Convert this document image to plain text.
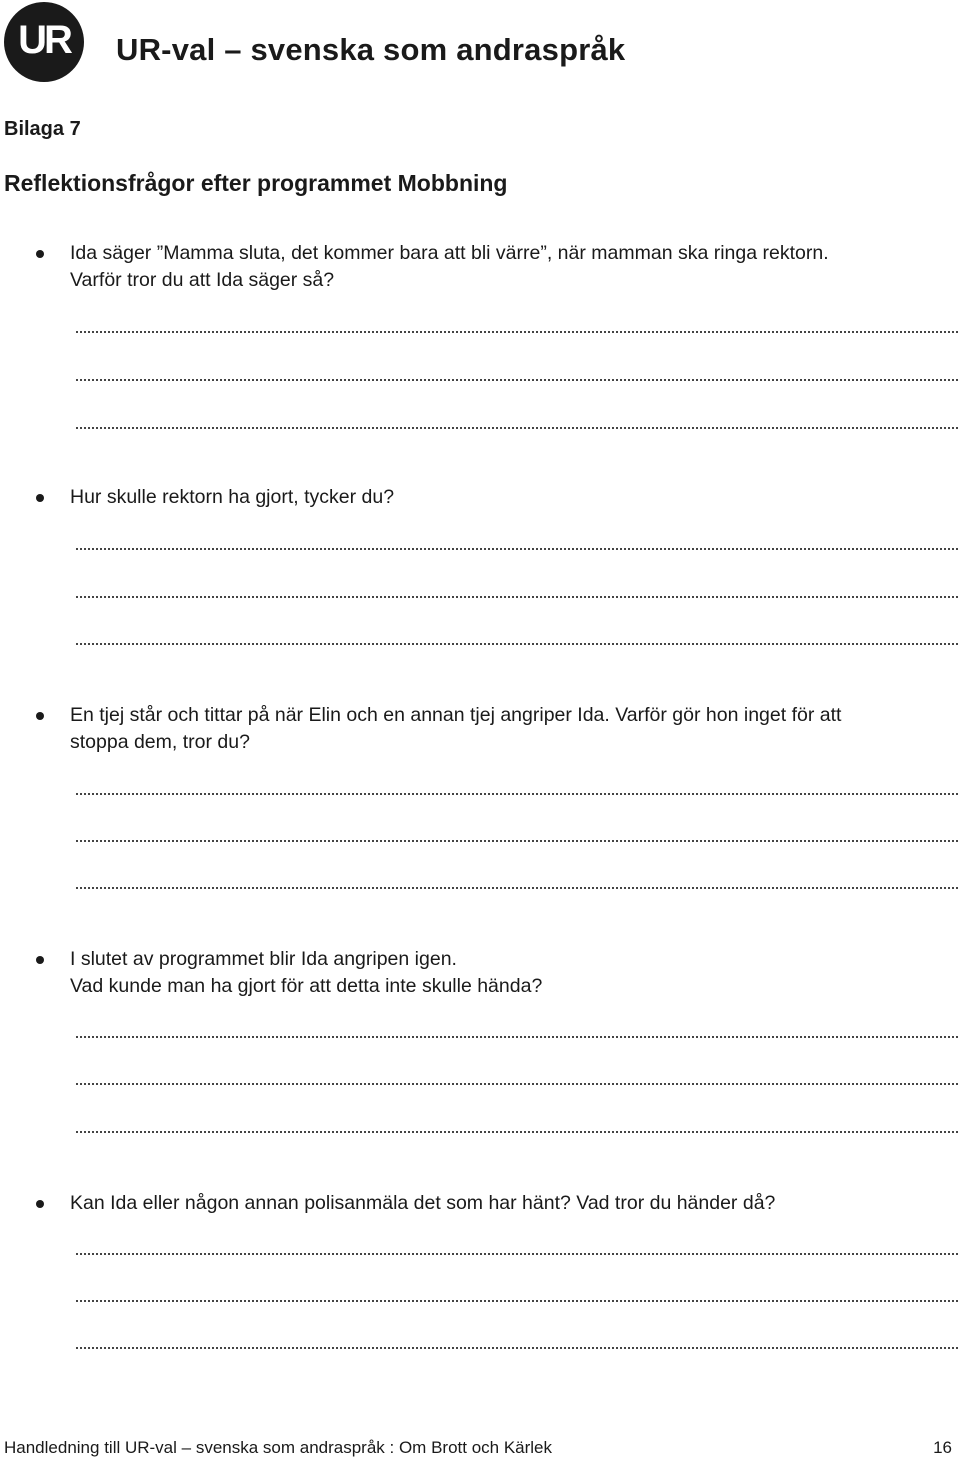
UR UR-val – svenska som andraspråk
Bilaga 7
Reflektionsfrågor efter programmet Mobbning
Ida säger ”Mamma sluta, det kommer bara att bli värre”, när mamman ska ringa rektorn.
Varför tror du att Ida säger så?
Hur skulle rektorn ha gjort, tycker du?
En tjej står och tittar på när Elin och en annan tjej angriper Ida. Varför gör hon inget för att
stoppa dem, tror du?
I slutet av programmet blir Ida angripen igen.
Vad kunde man ha gjort för att detta inte skulle hända?
Kan Ida eller någon annan polisanmäla det som har hänt? Vad tror du händer då?
Handledning till UR-val – svenska som andraspråk : Om Brott och Kärlek	16
